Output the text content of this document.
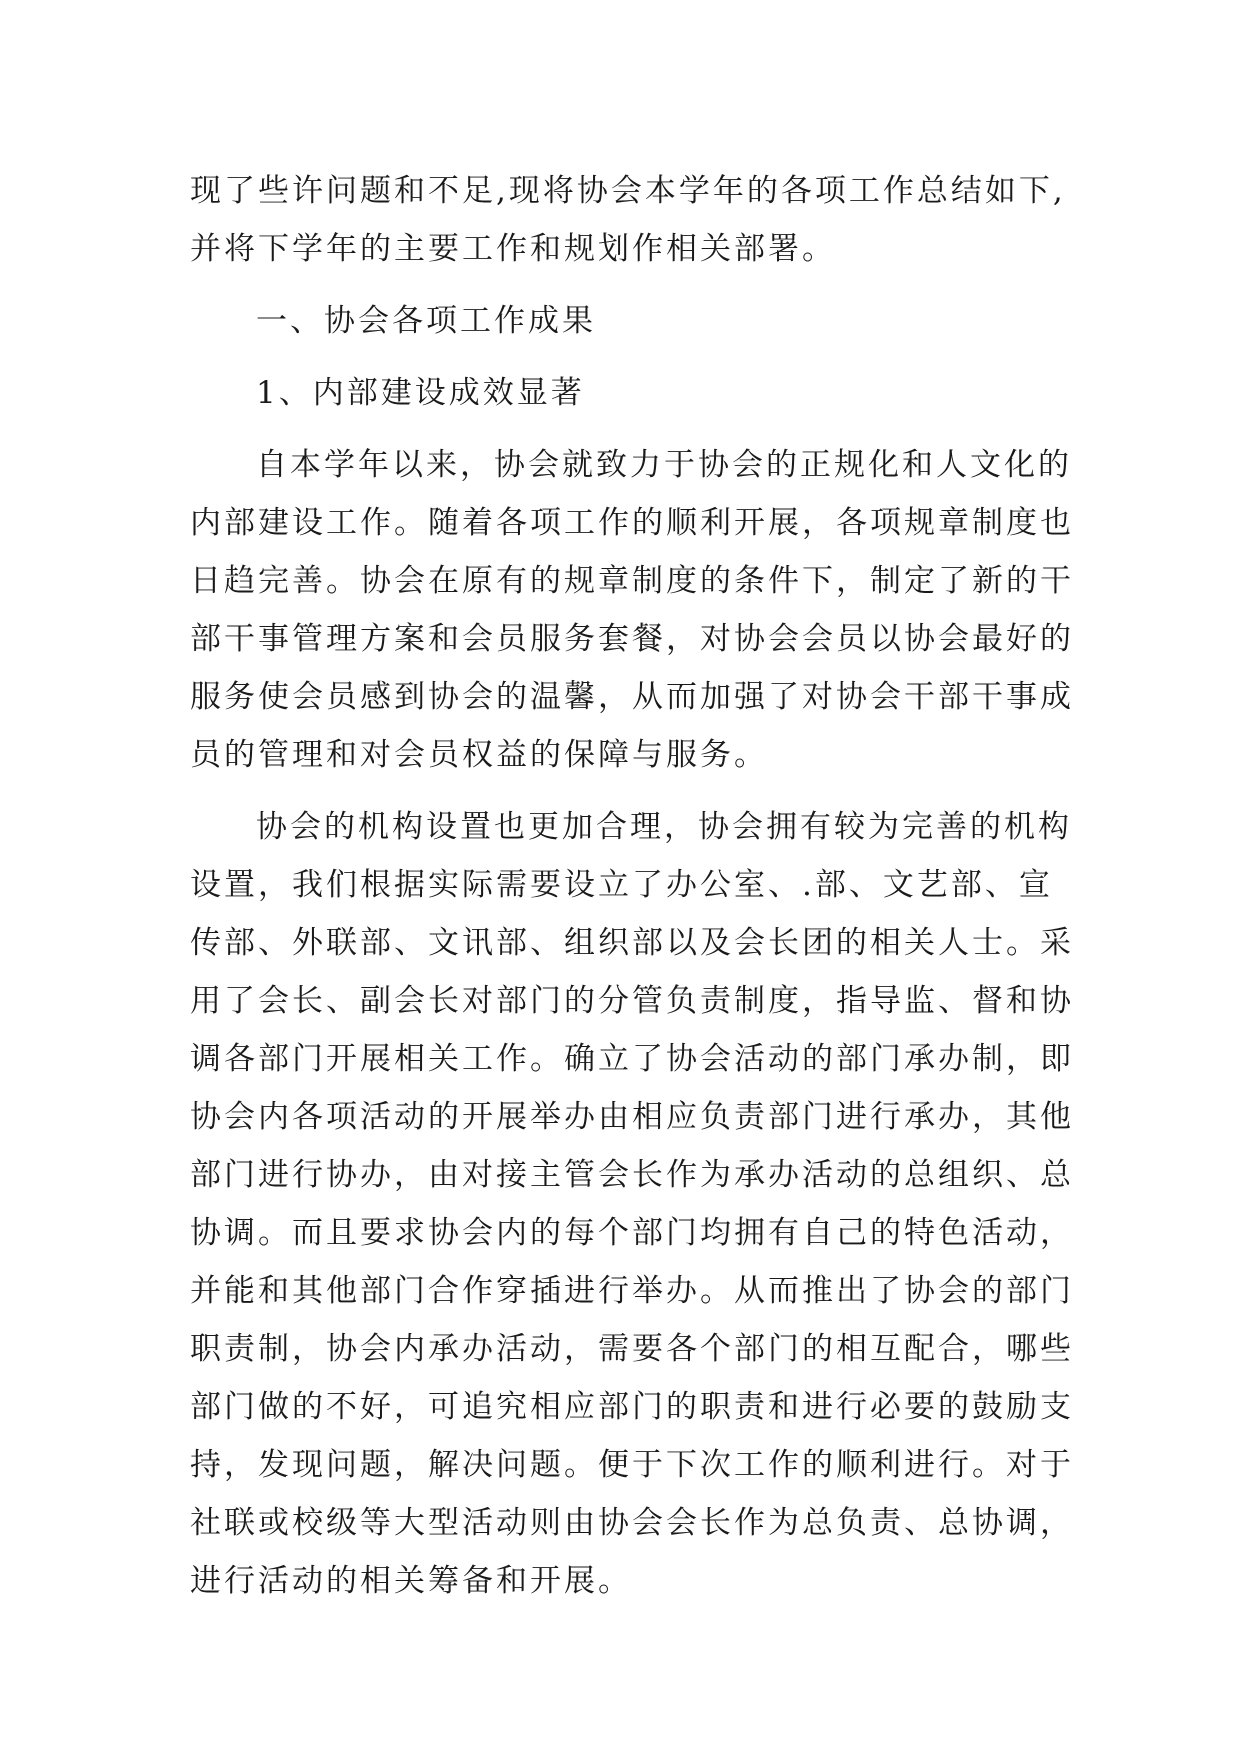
现了些许问题和不足,现将协会本学年的各项工作总结如下,
并将下学年的主要工作和规划作相关部署。
一、协会各项工作成果
1、内部建设成效显著
自本学年以来，协会就致力于协会的正规化和人文化的
内部建设工作。随着各项工作的顺利开展，各项规章制度也
日趋完善。协会在原有的规章制度的条件下，制定了新的干
部干事管理方案和会员服务套餐，对协会会员以协会最好的
服务使会员感到协会的温馨，从而加强了对协会干部干事成
员的管理和对会员权益的保障与服务。
协会的机构设置也更加合理，协会拥有较为完善的机构
设置，我们根据实际需要设立了办公室、.部、文艺部、宣
传部、外联部、文讯部、组织部以及会长团的相关人士。采
用了会长、副会长对部门的分管负责制度，指导监、督和协
调各部门开展相关工作。确立了协会活动的部门承办制，即
协会内各项活动的开展举办由相应负责部门进行承办，其他
部门进行协办，由对接主管会长作为承办活动的总组织、总
协调。而且要求协会内的每个部门均拥有自己的特色活动，
并能和其他部门合作穿插进行举办。从而推出了协会的部门
职责制，协会内承办活动，需要各个部门的相互配合，哪些
部门做的不好，可追究相应部门的职责和进行必要的鼓励支
持，发现问题，解决问题。便于下次工作的顺利进行。对于
社联或校级等大型活动则由协会会长作为总负责、总协调，
进行活动的相关筹备和开展。
